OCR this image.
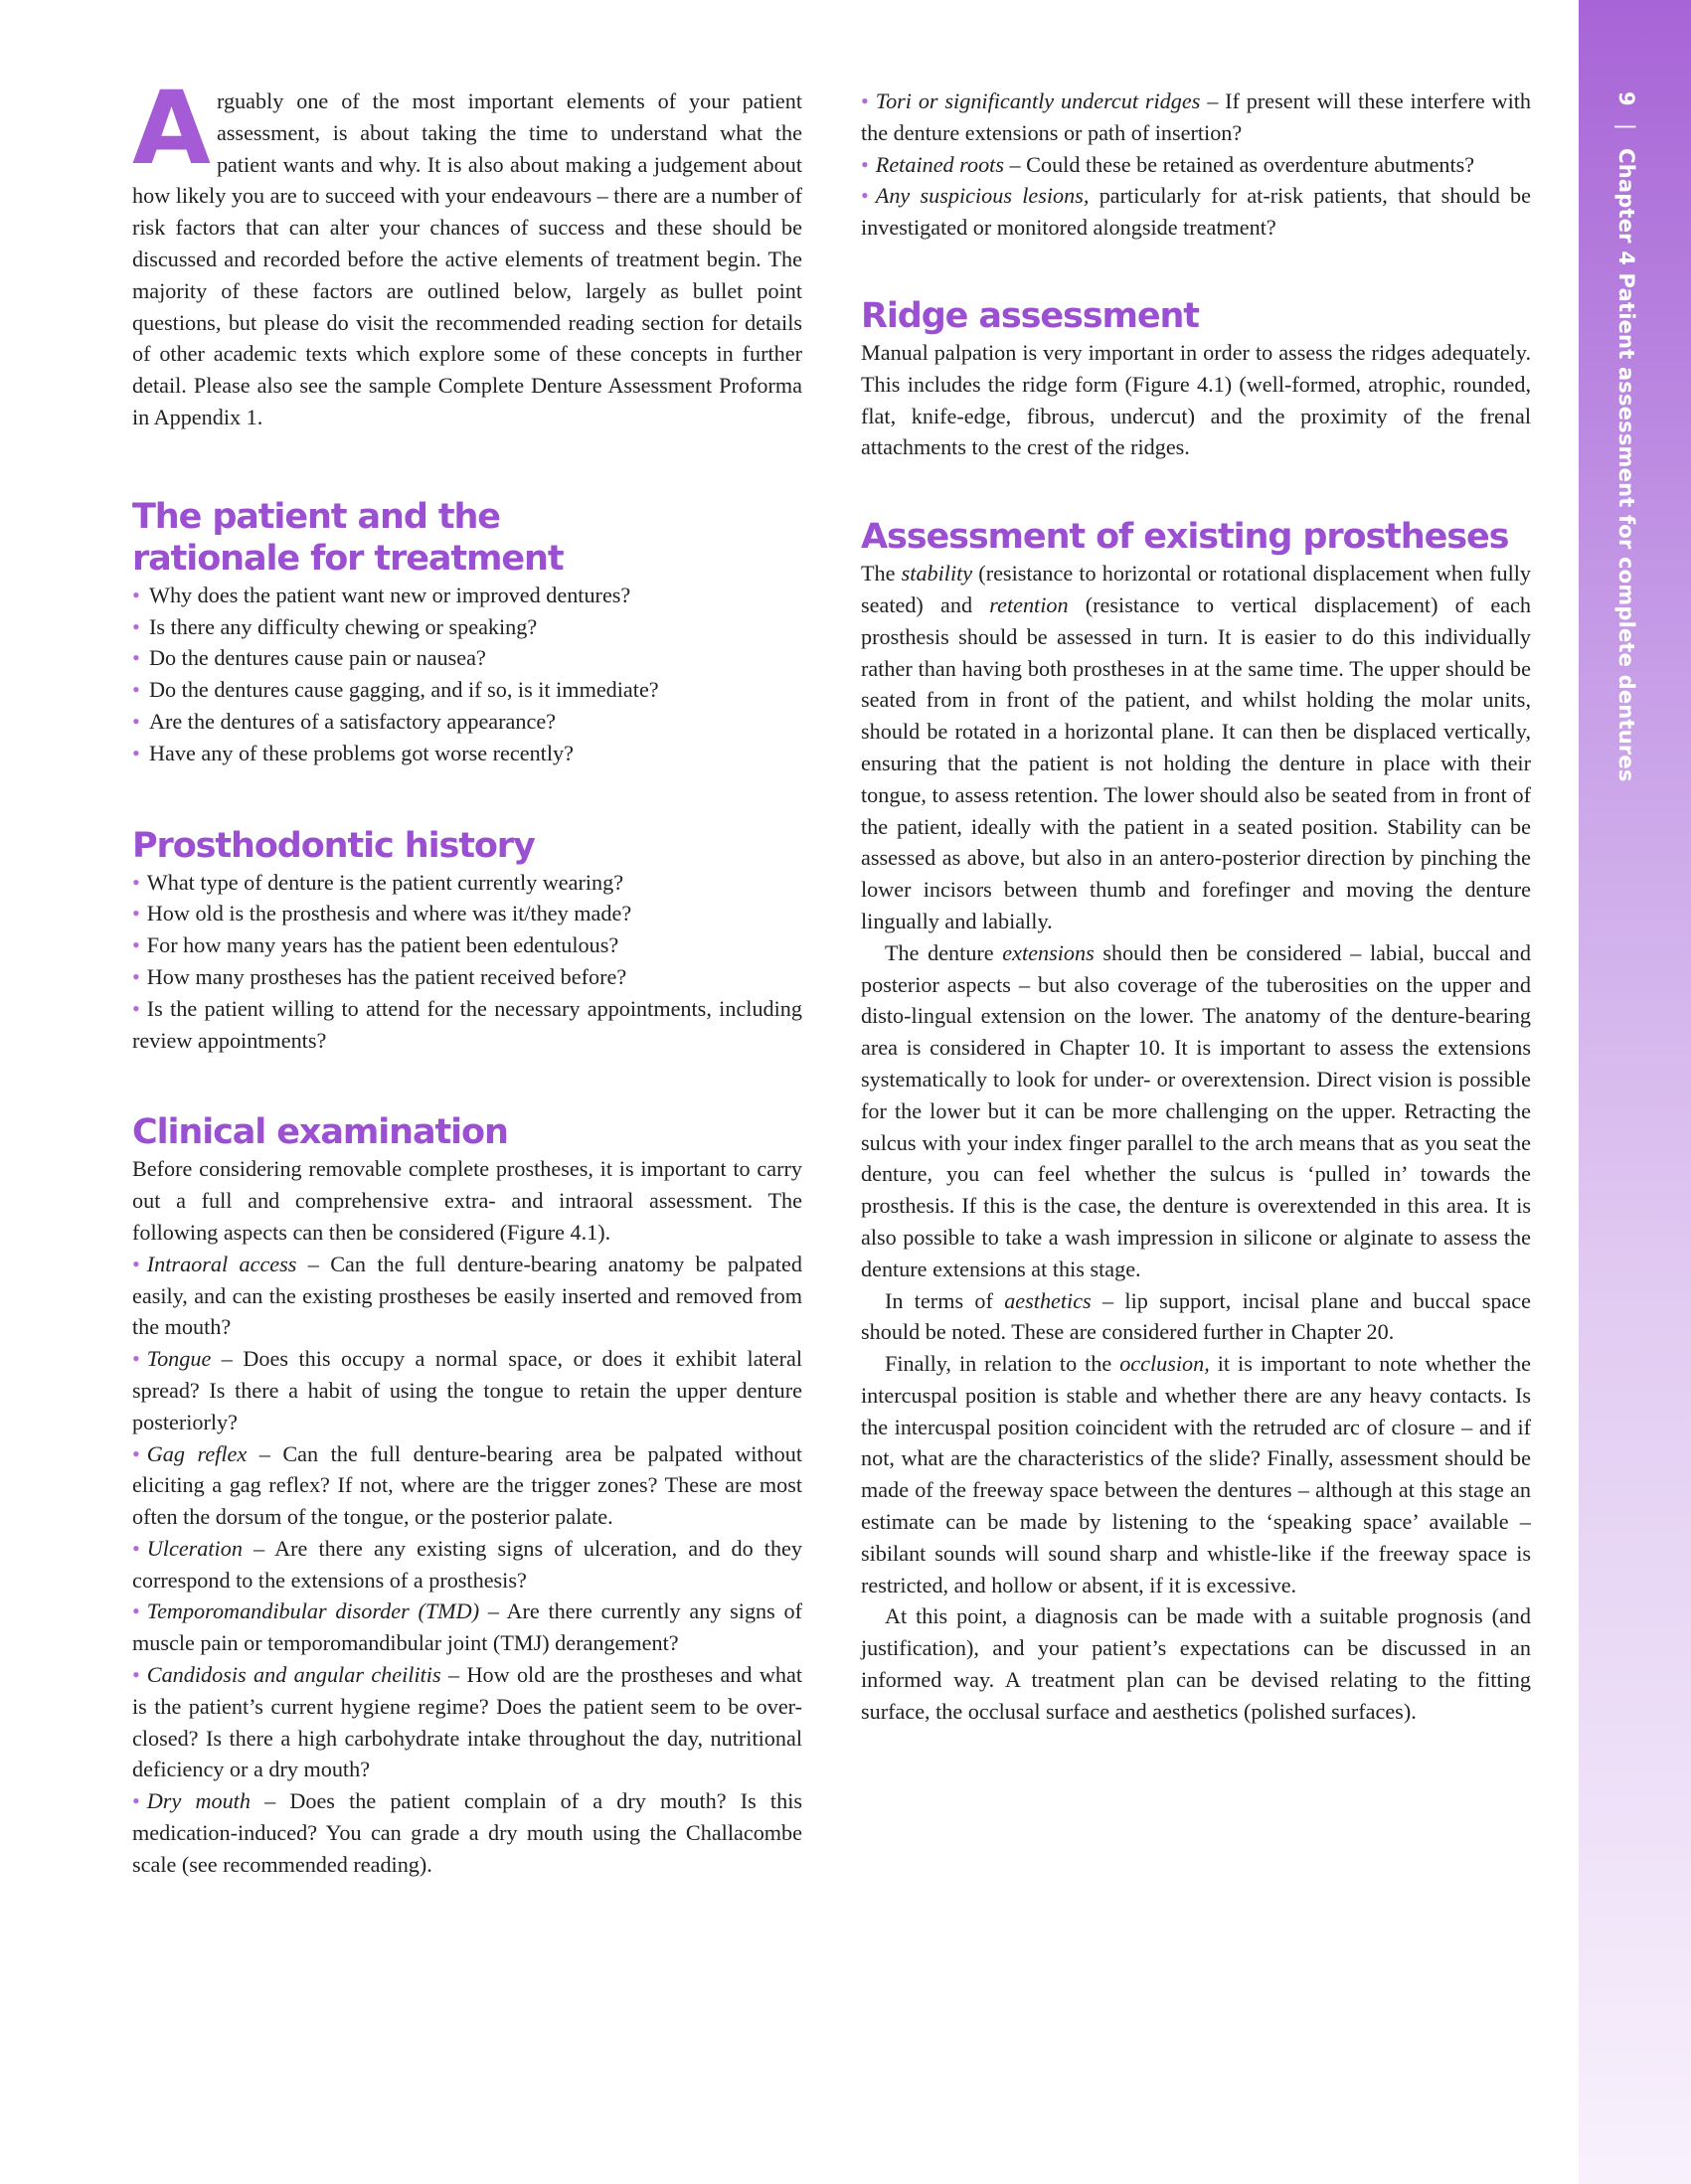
9 | Chapter 4 Patient assessment for complete dentures

Arguably one of the most important elements of your patient assessment, is about taking the time to understand what the patient wants and why. It is also about making a judgement about how likely you are to succeed with your endeavours – there are a number of risk factors that can alter your chances of success and these should be discussed and recorded before the active elements of treatment begin. The majority of these factors are outlined below, largely as bullet point questions, but please do visit the recommended reading section for details of other academic texts which explore some of these concepts in further detail. Please also see the sample Complete Denture Assessment Proforma in Appendix 1.

The patient and the rationale for treatment
• Why does the patient want new or improved dentures?
• Is there any difficulty chewing or speaking?
• Do the dentures cause pain or nausea?
• Do the dentures cause gagging, and if so, is it immediate?
• Are the dentures of a satisfactory appearance?
• Have any of these problems got worse recently?
Prosthodontic history
• What type of denture is the patient currently wearing?
• How old is the prosthesis and where was it/they made?
• For how many years has the patient been edentulous?
• How many prostheses has the patient received before?
• Is the patient willing to attend for the necessary appointments, including review appointments?
Clinical examination

Before considering removable complete prostheses, it is important to carry out a full and comprehensive extra- and intraoral assessment. The following aspects can then be considered (Figure 4.1).

• Intraoral access – Can the full denture-bearing anatomy be palpated easily, and can the existing prostheses be easily inserted and removed from the mouth?
• Tongue – Does this occupy a normal space, or does it exhibit lateral spread? Is there a habit of using the tongue to retain the upper denture posteriorly?
• Gag reflex – Can the full denture-bearing area be palpated without eliciting a gag reflex? If not, where are the trigger zones? These are most often the dorsum of the tongue, or the posterior palate.
• Ulceration – Are there any existing signs of ulceration, and do they correspond to the extensions of a prosthesis?
• Temporomandibular disorder (TMD) – Are there currently any signs of muscle pain or temporomandibular joint (TMJ) derangement?
• Candidosis and angular cheilitis – How old are the prostheses and what is the patient’s current hygiene regime? Does the patient seem to be over-closed? Is there a high carbohydrate intake throughout the day, nutritional deficiency or a dry mouth?
• Dry mouth – Does the patient complain of a dry mouth? Is this medication-induced? You can grade a dry mouth using the Challacombe scale (see recommended reading).
• Tori or significantly undercut ridges – If present will these interfere with the denture extensions or path of insertion?
• Retained roots – Could these be retained as overdenture abutments?
• Any suspicious lesions, particularly for at-risk patients, that should be investigated or monitored alongside treatment?
Ridge assessment

Manual palpation is very important in order to assess the ridges adequately. This includes the ridge form (Figure 4.1) (well-formed, atrophic, rounded, flat, knife-edge, fibrous, undercut) and the proximity of the frenal attachments to the crest of the ridges.

Assessment of existing prostheses

The stability (resistance to horizontal or rotational displacement when fully seated) and retention (resistance to vertical displacement) of each prosthesis should be assessed in turn. It is easier to do this individually rather than having both prostheses in at the same time. The upper should be seated from in front of the patient, and whilst holding the molar units, should be rotated in a horizontal plane. It can then be displaced vertically, ensuring that the patient is not holding the denture in place with their tongue, to assess retention. The lower should also be seated from in front of the patient, ideally with the patient in a seated position. Stability can be assessed as above, but also in an antero-posterior direction by pinching the lower incisors between thumb and forefinger and moving the denture lingually and labially.

The denture extensions should then be considered – labial, buccal and posterior aspects – but also coverage of the tuberosities on the upper and disto-lingual extension on the lower. The anatomy of the denture-bearing area is considered in Chapter 10. It is important to assess the extensions systematically to look for under- or overextension. Direct vision is possible for the lower but it can be more challenging on the upper. Retracting the sulcus with your index finger parallel to the arch means that as you seat the denture, you can feel whether the sulcus is ‘pulled in’ towards the prosthesis. If this is the case, the denture is overextended in this area. It is also possible to take a wash impression in silicone or alginate to assess the denture extensions at this stage.

In terms of aesthetics – lip support, incisal plane and buccal space should be noted. These are considered further in Chapter 20.

Finally, in relation to the occlusion, it is important to note whether the intercuspal position is stable and whether there are any heavy contacts. Is the intercuspal position coincident with the retruded arc of closure – and if not, what are the characteristics of the slide? Finally, assessment should be made of the freeway space between the dentures – although at this stage an estimate can be made by listening to the ‘speaking space’ available – sibilant sounds will sound sharp and whistle-like if the freeway space is restricted, and hollow or absent, if it is excessive.

At this point, a diagnosis can be made with a suitable prognosis (and justification), and your patient’s expectations can be discussed in an informed way. A treatment plan can be devised relating to the fitting surface, the occlusal surface and aesthetics (polished surfaces).
